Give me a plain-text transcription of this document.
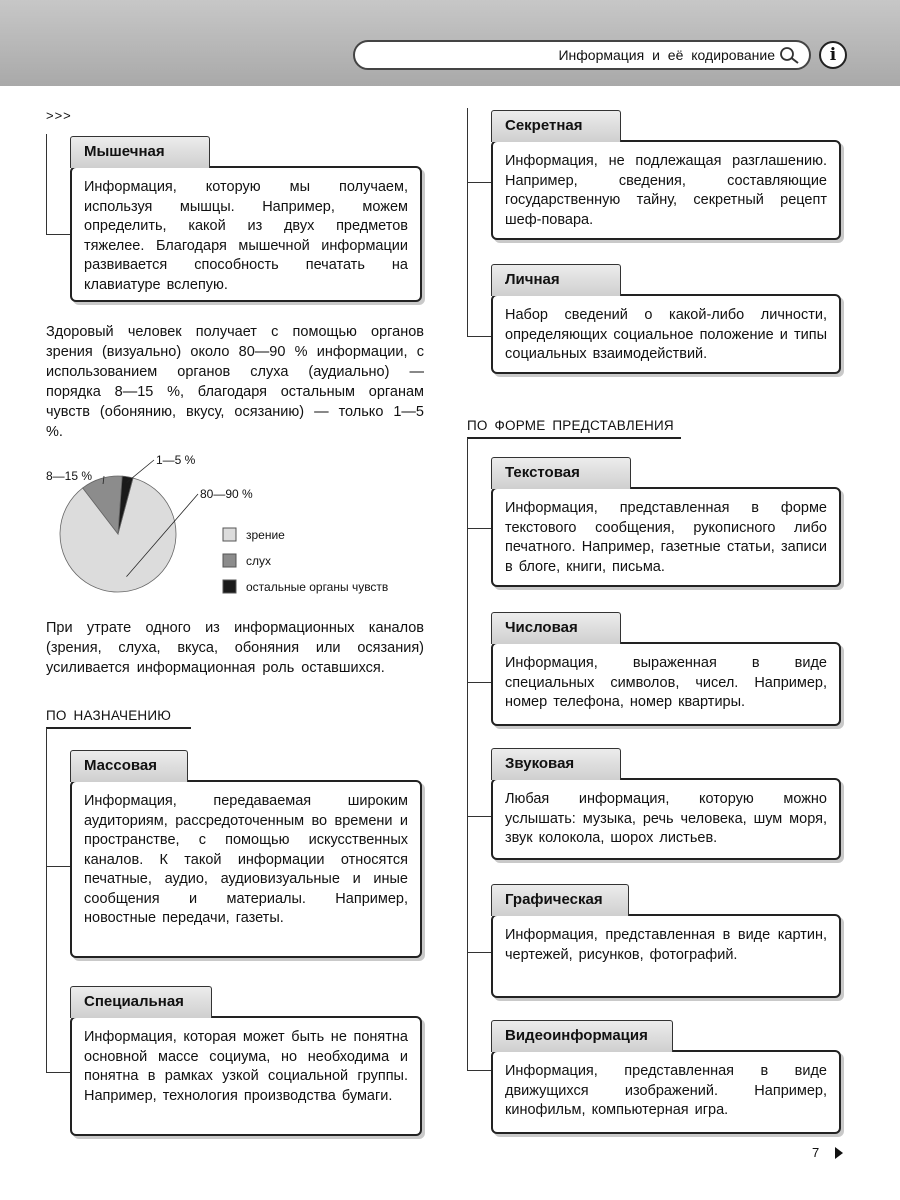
Информация и её кодирование	i
>>>
Мышечная
Информация, которую мы получаем, используя мышцы. Например, можем определить, какой из двух предметов тяжелее. Благодаря мышечной информации развивается способность печатать на клавиатуре вслепую.
Здоровый человек получает с помощью органов зрения (визуально) около 80—90 % информации, с использованием органов слуха (аудиально) — порядка 8—15 %, благодаря остальным органам чувств (обонянию, вкусу, осязанию) — только 1—5 %.
80—90 %
8—15 %
1—5 %
зрение
слух
остальные органы чувств
При утрате одного из информационных каналов (зрения, слуха, вкуса, обоняния или осязания) усиливается информационная роль оставшихся.
ПО НАЗНАЧЕНИЮ
Массовая
Информация, передаваемая широким аудиториям, рассредоточенным во времени и пространстве, с помощью искусственных каналов. К такой информации относятся печатные, аудио, аудиовизуальные и иные сообщения и материалы. Например, новостные передачи, газеты.
Специальная
Информация, которая может быть не понятна основной массе социума, но необходима и понятна в рамках узкой социальной группы. Например, технология производства бумаги.
Секретная
Информация, не подлежащая разглашению. Например, сведения, составляющие государственную тайну, секретный рецепт шеф-повара.
Личная
Набор сведений о какой-либо личности, определяющих социальное положение и типы социальных взаимодействий.
ПО ФОРМЕ ПРЕДСТАВЛЕНИЯ
Текстовая
Информация, представленная в форме текстового сообщения, рукописного либо печатного. Например, газетные статьи, записи в блоге, книги, письма.
Числовая
Информация, выраженная в виде специальных символов, чисел. Например, номер телефона, номер квартиры.
Звуковая
Любая информация, которую можно услышать: музыка, речь человека, шум моря, звук колокола, шорох листьев.
Графическая
Информация, представленная в виде картин, чертежей, рисунков, фотографий.
Видеоинформация
Информация, представленная в виде движущихся изображений. Например, кинофильм, компьютерная игра.
7
